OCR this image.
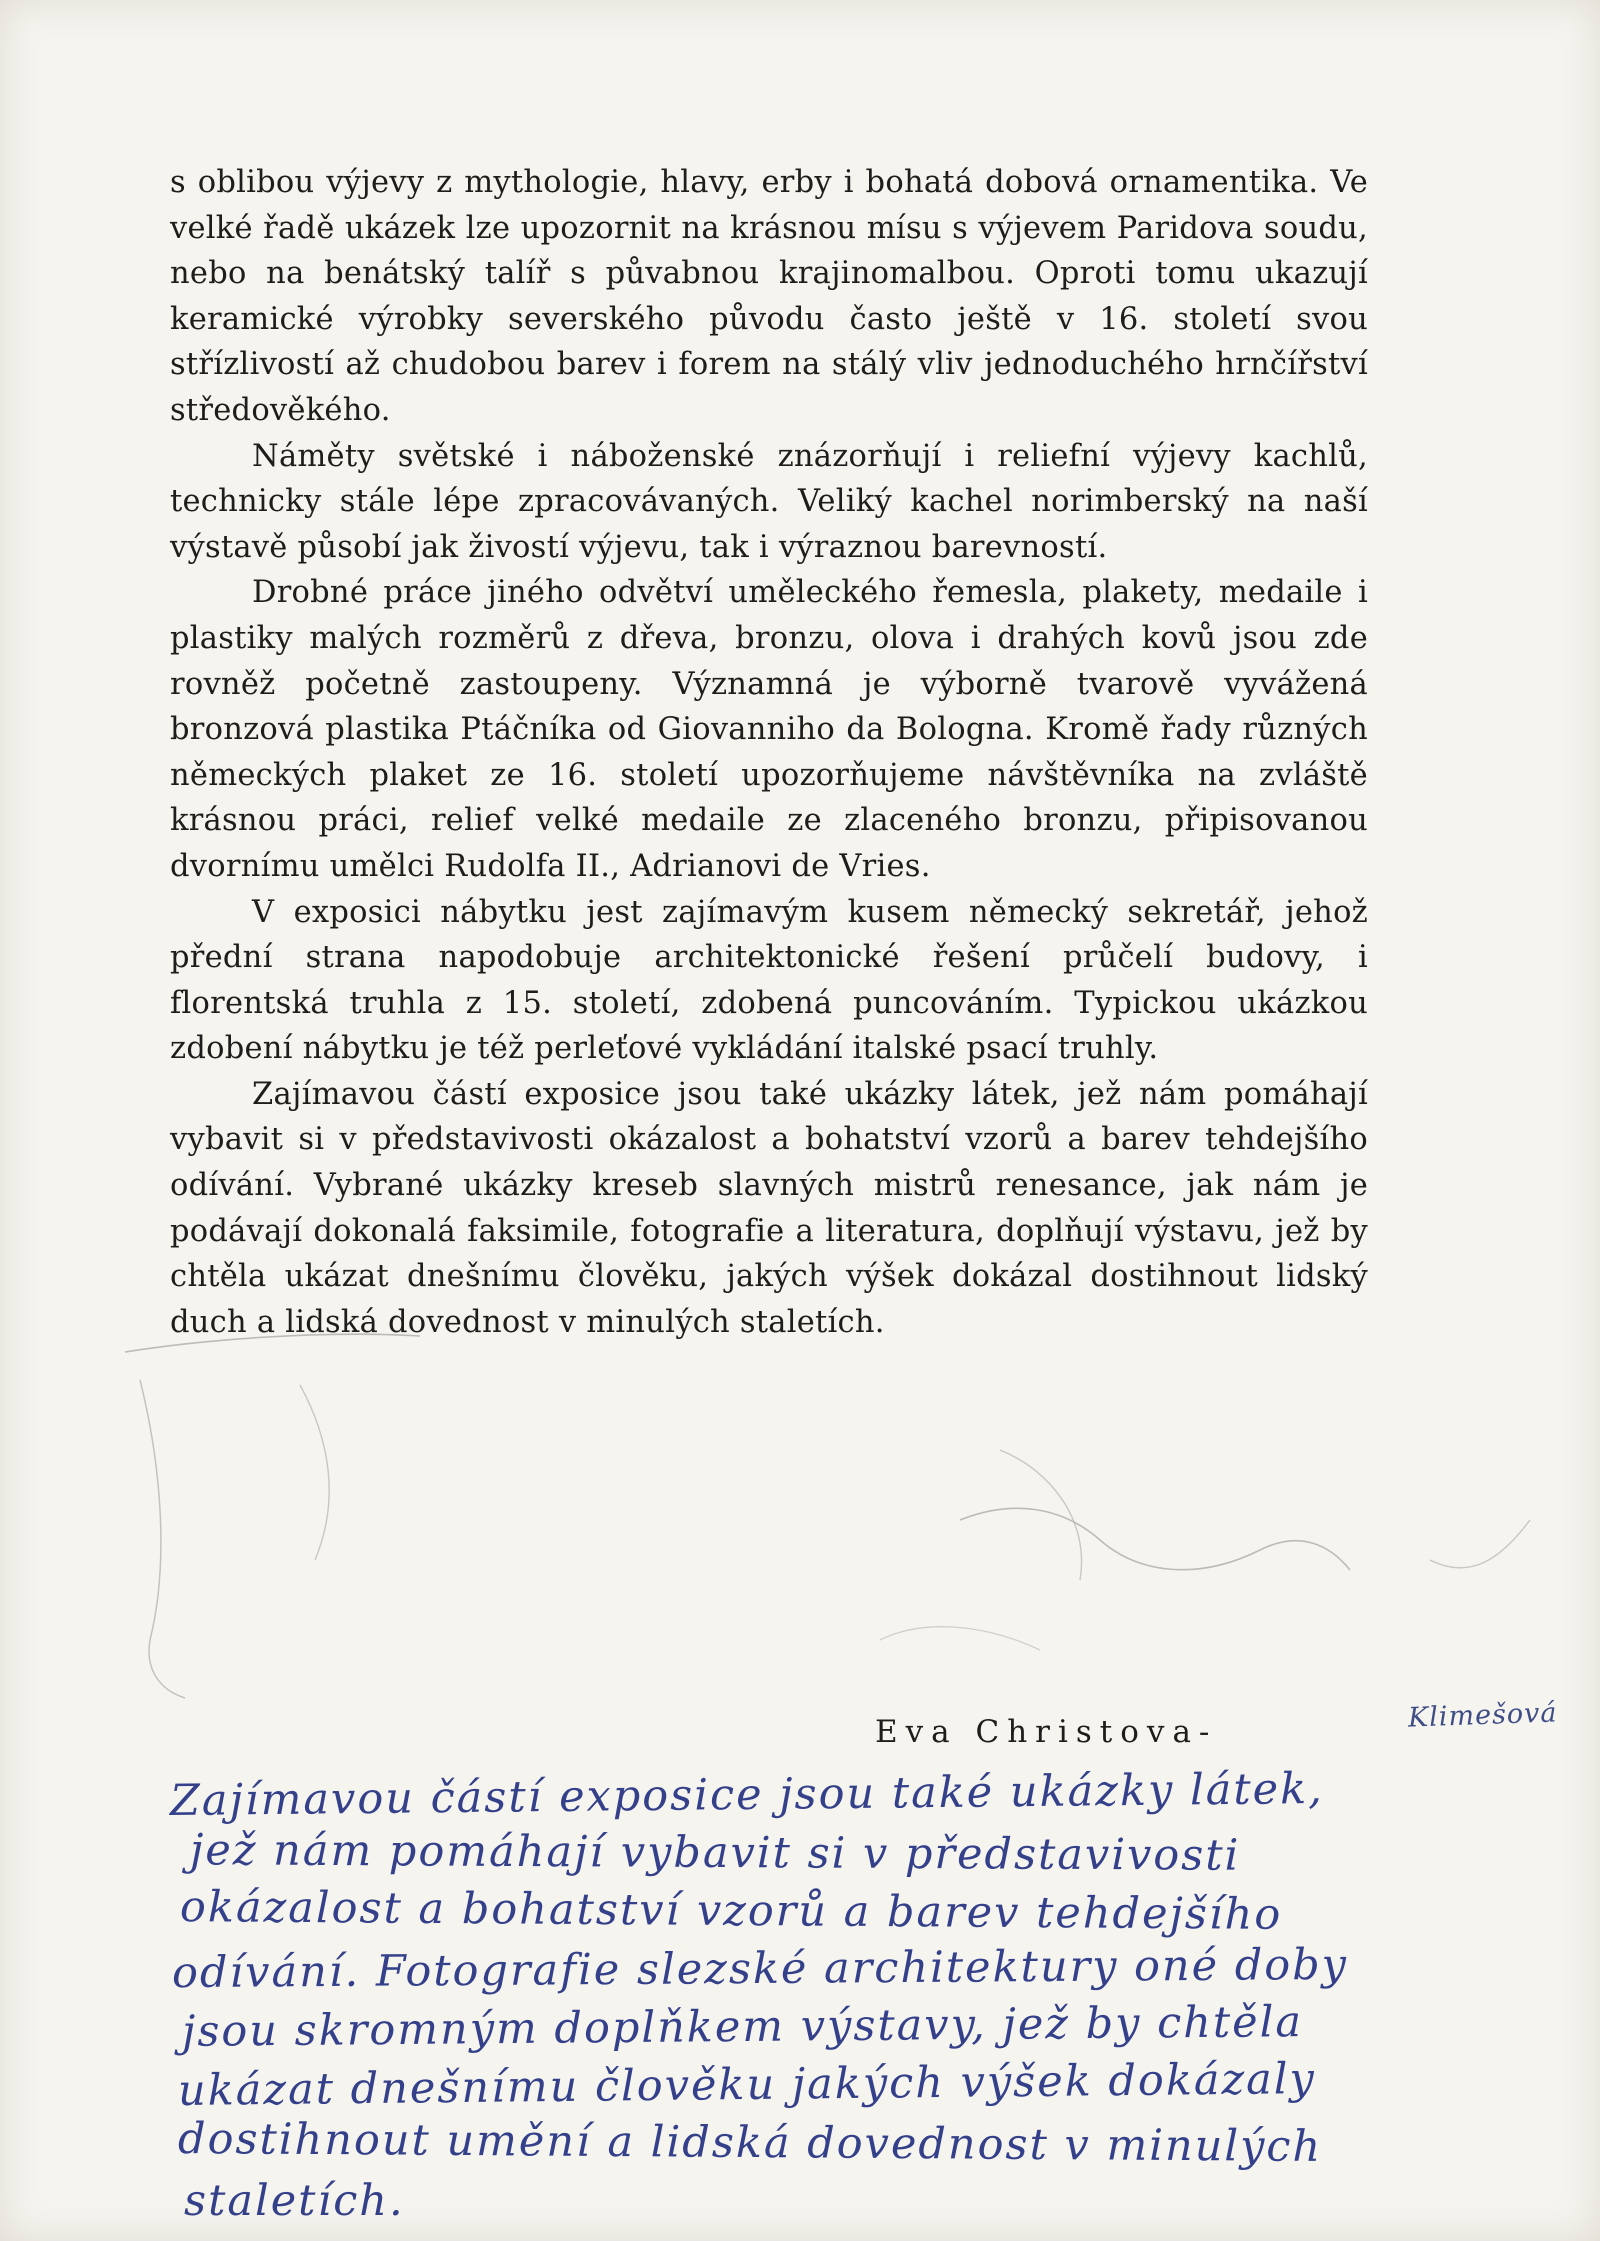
s oblibou výjevy z mythologie, hlavy, erby i bohatá dobová ornamentika. Ve velké řadě ukázek lze upozornit na krásnou mísu s výjevem Paridova soudu, nebo na benátský talíř s půvabnou krajinomalbou. Oproti tomu ukazují keramické výrobky severského původu často ještě v 16. století svou střízlivostí až chudobou barev i forem na stálý vliv jednoduchého hrnčířství středověkého.

Náměty světské i náboženské znázorňují i reliefní výjevy kachlů, technicky stále lépe zpracovávaných. Veliký kachel norimberský na naší výstavě působí jak živostí výjevu, tak i výraznou barevností.

Drobné práce jiného odvětví uměleckého řemesla, plakety, medaile i plastiky malých rozměrů z dřeva, bronzu, olova i drahých kovů jsou zde rovněž početně zastoupeny. Významná je výborně tvarově vyvážená bronzová plastika Ptáčníka od Giovanniho da Bologna. Kromě řady různých německých plaket ze 16. století upozorňujeme návštěvníka na zvláště krásnou práci, relief velké medaile ze zlaceného bronzu, připisovanou dvornímu umělci Rudolfa II., Adrianovi de Vries.

V exposici nábytku jest zajímavým kusem německý sekretář, jehož přední strana napodobuje architektonické řešení průčelí budovy, i florentská truhla z 15. století, zdobená puncováním. Typickou ukázkou zdobení nábytku je též perleťové vykládání italské psací truhly.

Zajímavou částí exposice jsou také ukázky látek, jež nám pomáhají vybavit si v představivosti okázalost a bohatství vzorů a barev tehdejšího odívání. Vybrané ukázky kreseb slavných mistrů renesance, jak nám je podávají dokonalá faksimile, fotografie a literatura, doplňují výstavu, jež by chtěla ukázat dnešnímu člověku, jakých výšek dokázal dostihnout lidský duch a lidská dovednost v minulých staletích.

Eva Christova-	Klimešová
Zajímavou částí exposice jsou také ukázky látek,
jež nám pomáhají vybavit si v představivosti
okázalost a bohatství vzorů a barev tehdejšího
odívání. Fotografie slezské architektury oné doby
jsou skromným doplňkem výstavy, jež by chtěla
ukázat dnešnímu člověku jakých výšek dokázaly
dostihnout umění a lidská dovednost v minulých
staletích.
